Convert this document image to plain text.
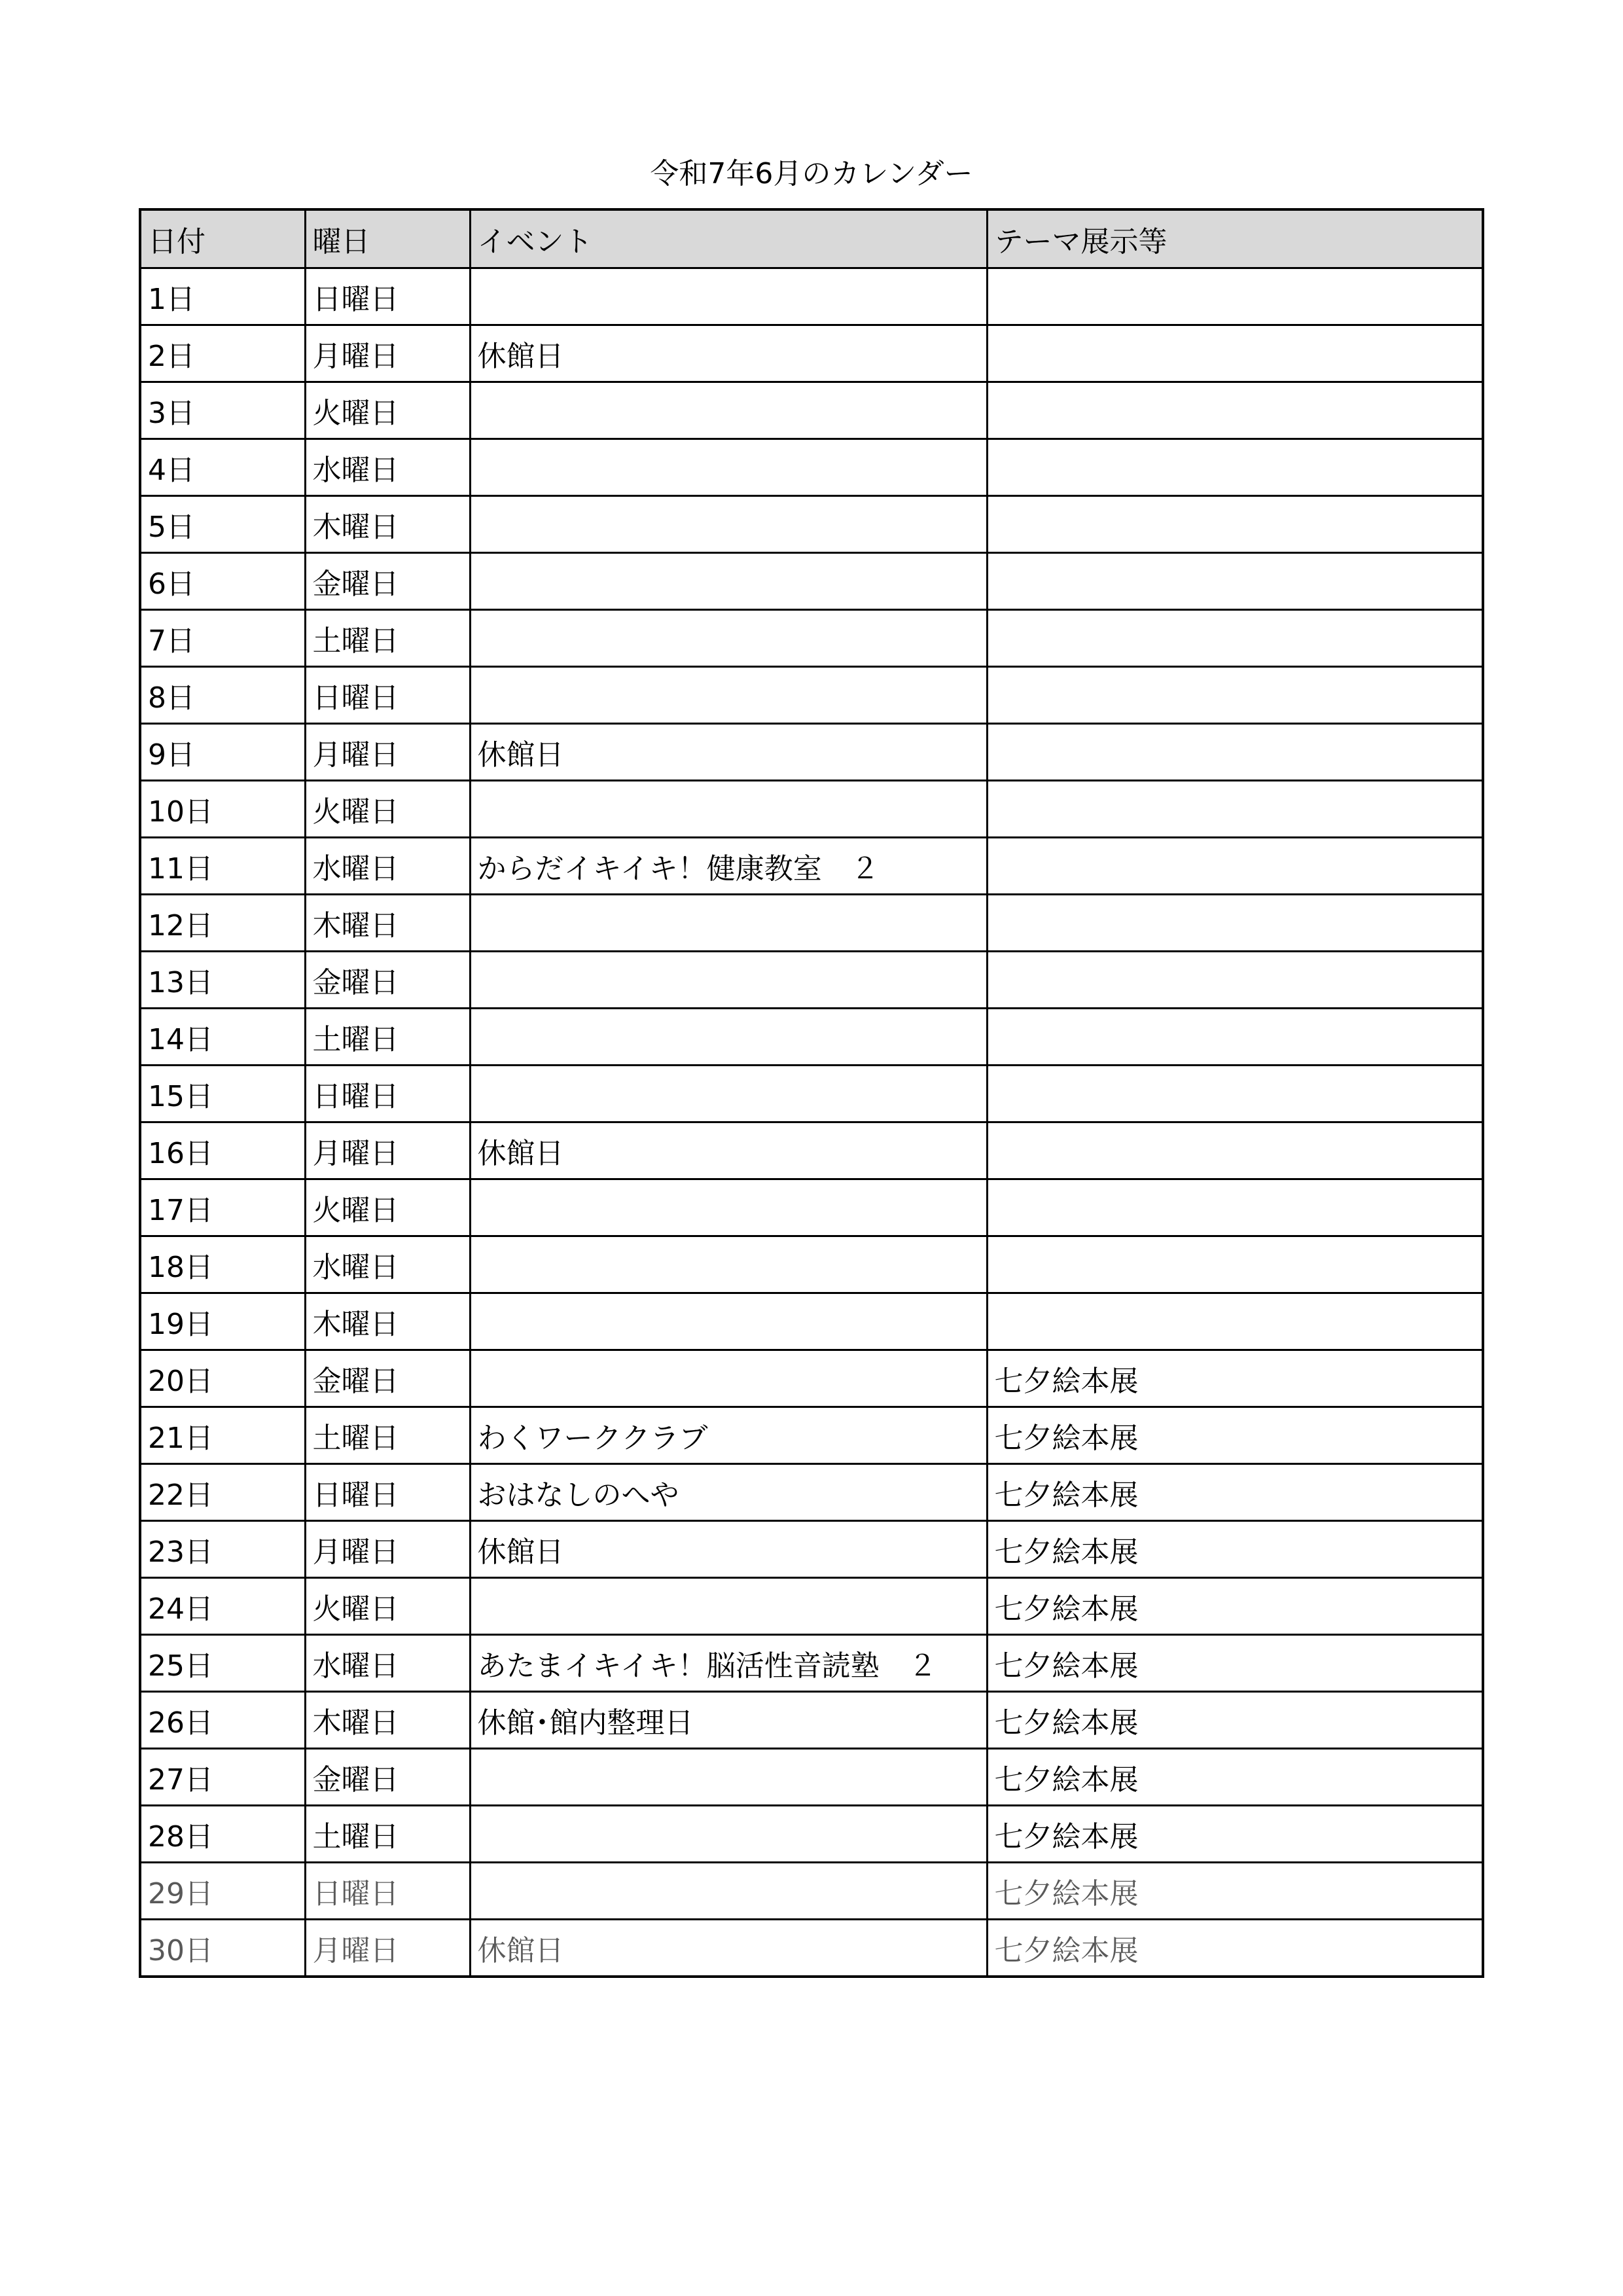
令和7年6月のカレンダー
日付	曜日	イベント	テーマ展示等
1日	日曜日		
2日	月曜日	休館日	
3日	火曜日		
4日	水曜日		
5日	木曜日		
6日	金曜日		
7日	土曜日		
8日	日曜日		
9日	月曜日	休館日	
10日	火曜日		
11日	水曜日	からだイキイキ！健康教室　２	
12日	木曜日		
13日	金曜日		
14日	土曜日		
15日	日曜日		
16日	月曜日	休館日	
17日	火曜日		
18日	水曜日		
19日	木曜日		
20日	金曜日		七夕絵本展
21日	土曜日	わくワーククラブ	七夕絵本展
22日	日曜日	おはなしのへや	七夕絵本展
23日	月曜日	休館日	七夕絵本展
24日	火曜日		七夕絵本展
25日	水曜日	あたまイキイキ！脳活性音読塾　２	七夕絵本展
26日	木曜日	休館･館内整理日	七夕絵本展
27日	金曜日		七夕絵本展
28日	土曜日		七夕絵本展
29日	日曜日		七夕絵本展
30日	月曜日	休館日	七夕絵本展
